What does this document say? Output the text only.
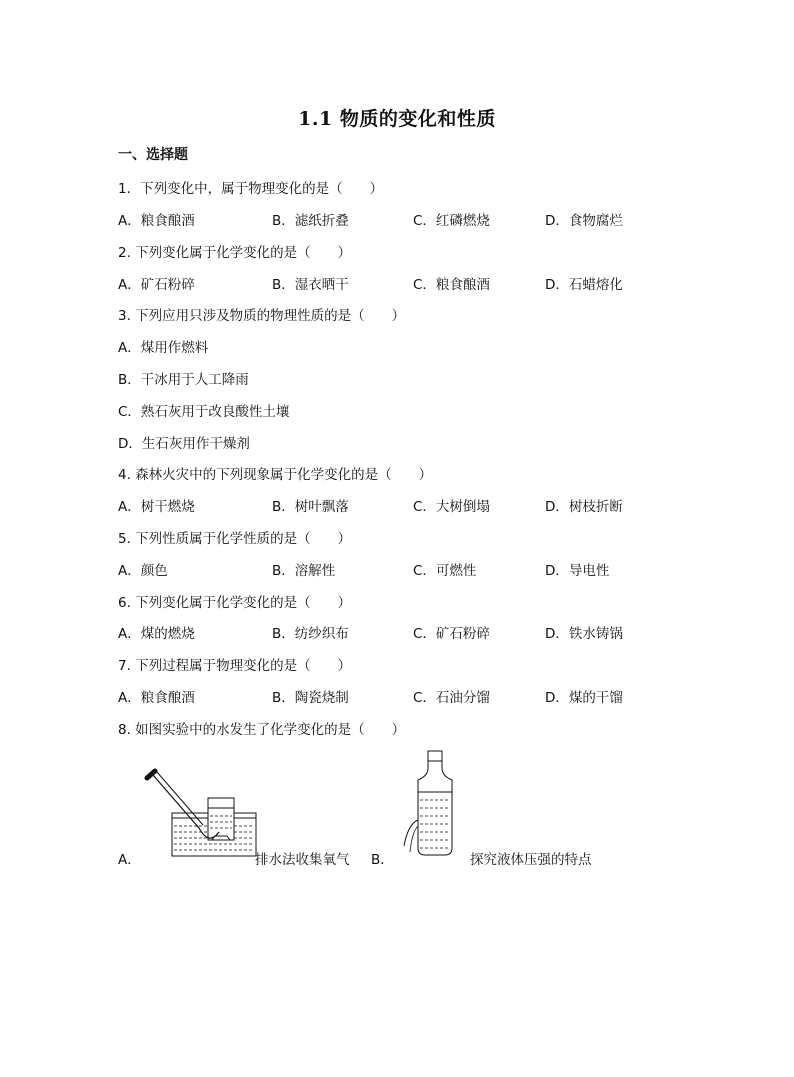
1.1 物质的变化和性质
一、选择题
1．下列变化中，属于物理变化的是（　　）
A．粮食酿酒	B．滤纸折叠	C．红磷燃烧	D．食物腐烂
2. 下列变化属于化学变化的是（　　）
A．矿石粉碎	B．湿衣晒干	C．粮食酿酒	D．石蜡熔化
3. 下列应用只涉及物质的物理性质的是（　　）
A．煤用作燃料
B．干冰用于人工降雨
C．熟石灰用于改良酸性土壤
D．生石灰用作干燥剂
4. 森林火灾中的下列现象属于化学变化的是（　　）
A．树干燃烧	B．树叶飘落	C．大树倒塌	D．树枝折断
5. 下列性质属于化学性质的是（　　）
A．颜色	B．溶解性	C．可燃性	D．导电性
6. 下列变化属于化学变化的是（　　）
A．煤的燃烧	B．纺纱织布	C．矿石粉碎	D．铁水铸锅
7. 下列过程属于物理变化的是（　　）
A．粮食酿酒	B．陶瓷烧制	C．石油分馏	D．煤的干馏
8. 如图实验中的水发生了化学变化的是（　　）
A．	排水法收集氧气 B．	探究液体压强的特点
